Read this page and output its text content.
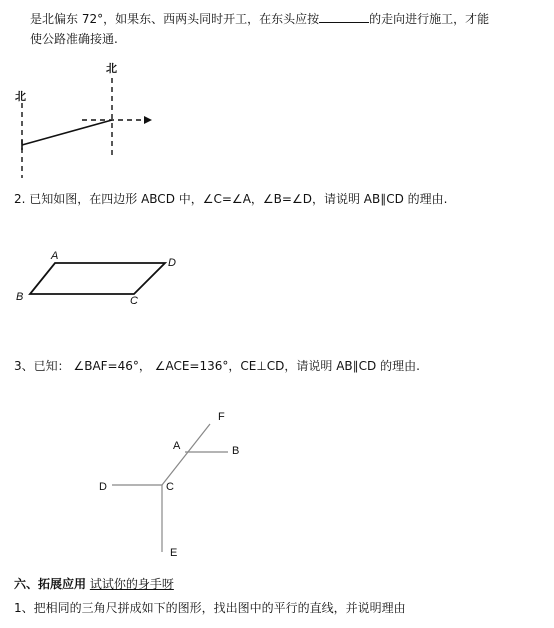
是北偏东 72°，如果东、西两头同时开工，在东头应按	的走向进行施工，才能
使公路准确接通.
北
北
A
D
B	C
F
A	B
D	C
E
2. 已知如图，在四边形 ABCD 中，∠C=∠A，∠B=∠D，请说明 AB∥CD 的理由.
3、已知： ∠BAF=46°， ∠ACE=136°，CE⊥CD，请说明 AB∥CD 的理由.
六、拓展应用 试试你的身手呀
1、把相同的三角尺拼成如下的图形，找出图中的平行的直线，并说明理由
